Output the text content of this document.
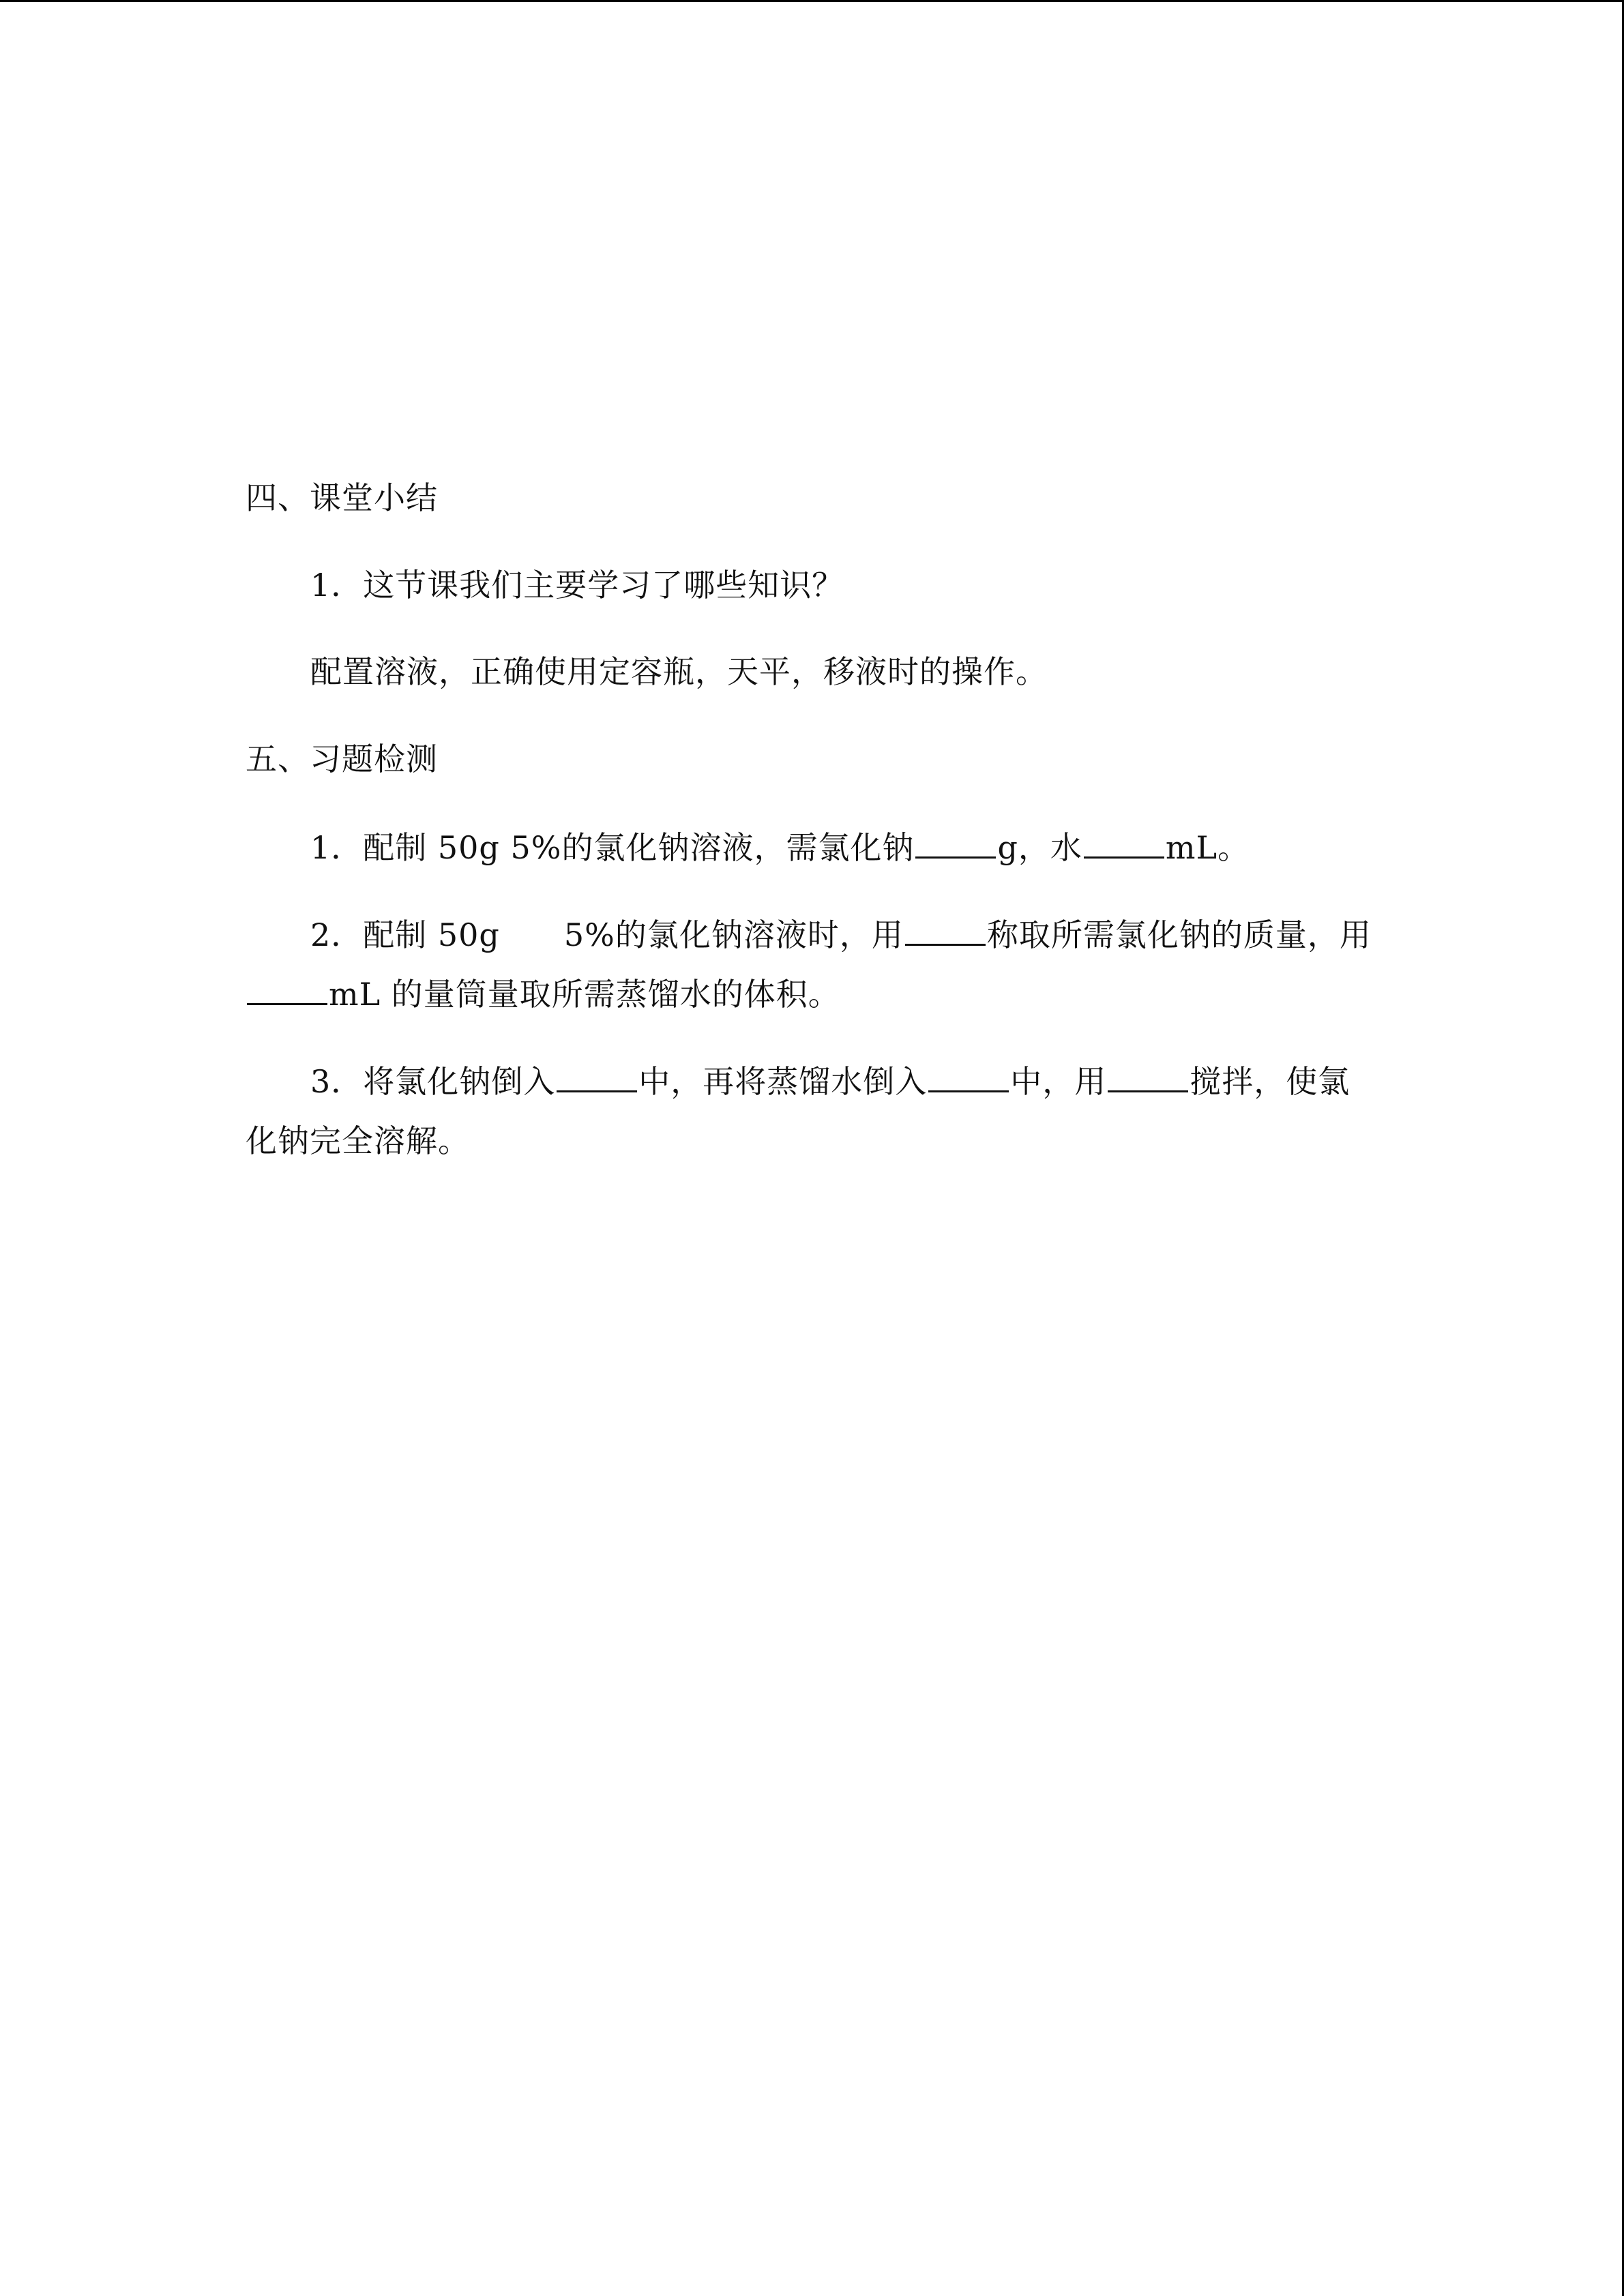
四、课堂小结
1．这节课我们主要学习了哪些知识？
配置溶液，正确使用定容瓶，天平，移液时的操作。
五、习题检测
1．配制 50g 5%的氯化钠溶液，需氯化钠	g，水	mL。
2．配制 50g　　5%的氯化钠溶液时，用	称取所需氯化钠的质量，用
mL 的量筒量取所需蒸馏水的体积。
3．将氯化钠倒入	中，再将蒸馏水倒入	中，用	搅拌，使氯
化钠完全溶解。
